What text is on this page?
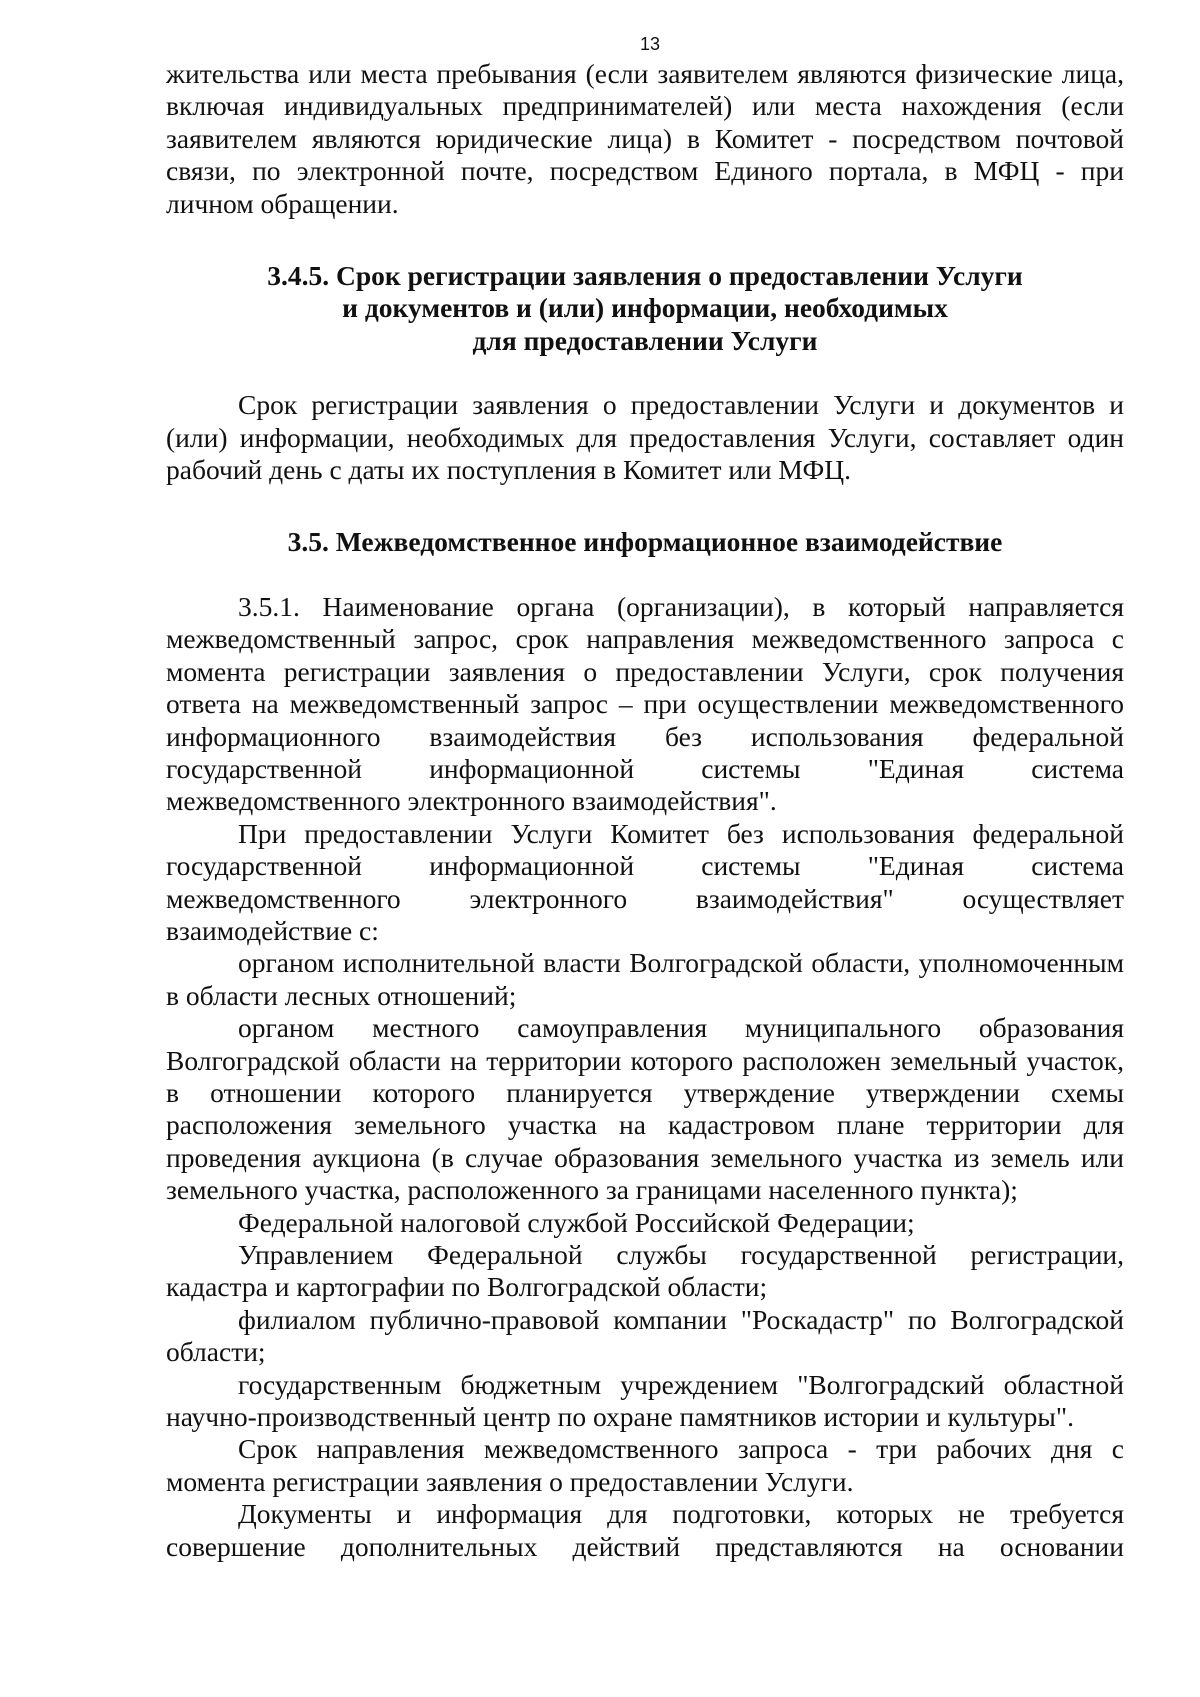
13

жительства или места пребывания (если заявителем являются физические лица, включая индивидуальных предпринимателей) или места нахождения (если заявителем являются юридические лица) в Комитет - посредством почтовой связи, по электронной почте, посредством Единого портала, в МФЦ - при личном обращении.

3.4.5. Срок регистрации заявления о предоставлении Услуги
и документов и (или) информации, необходимых
для предоставлении Услуги

Срок регистрации заявления о предоставлении Услуги и документов и (или) информации, необходимых для предоставления Услуги, составляет один рабочий день с даты их поступления в Комитет или МФЦ.

3.5. Межведомственное информационное взаимодействие

3.5.1. Наименование органа (организации), в который направляется межведомственный запрос, срок направления межведомственного запроса с момента регистрации заявления о предоставлении Услуги, срок получения ответа на межведомственный запрос – при осуществлении межведомственного информационного взаимодействия без использования федеральной государственной информационной системы "Единая система межведомственного электронного взаимодействия".

При предоставлении Услуги Комитет без использования федеральной государственной информационной системы "Единая система межведомственного электронного взаимодействия" осуществляет взаимодействие с:

органом исполнительной власти Волгоградской области, уполномоченным в области лесных отношений;

органом местного самоуправления муниципального образования Волгоградской области на территории которого расположен земельный участок, в отношении которого планируется утверждение утверждении схемы расположения земельного участка на кадастровом плане территории для проведения аукциона (в случае образования земельного участка из земель или земельного участка, расположенного за границами населенного пункта);

Федеральной налоговой службой Российской Федерации;

Управлением Федеральной службы государственной регистрации, кадастра и картографии по Волгоградской области;

филиалом публично-правовой компании "Роскадастр" по Волгоградской области;

государственным бюджетным учреждением "Волгоградский областной научно-производственный центр по охране памятников истории и культуры".

Срок направления межведомственного запроса - три рабочих дня с момента регистрации заявления о предоставлении Услуги.

Документы и информация для подготовки, которых не требуется совершение дополнительных действий представляются на основании
